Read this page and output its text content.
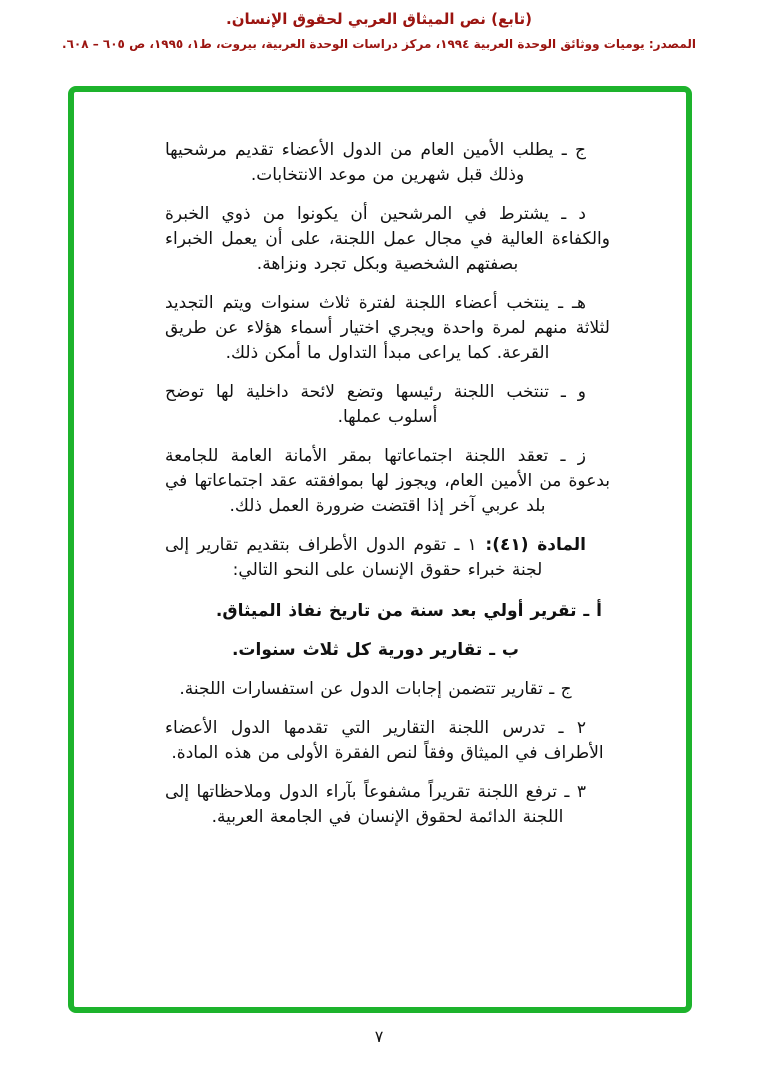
(تابع) نص الميثاق العربي لحقوق الإنسان.
المصدر: يوميات ووثائق الوحدة العربية ١٩٩٤، مركز دراسات الوحدة العربية، بيروت، ط١، ١٩٩٥، ص ٦٠٥ – ٦٠٨.

ج ـ يطلب الأمين العام من الدول الأعضاء تقديم مرشحيها وذلك قبل شهرين من موعد الانتخابات.

د ـ يشترط في المرشحين أن يكونوا من ذوي الخبرة والكفاءة العالية في مجال عمل اللجنة، على أن يعمل الخبراء بصفتهم الشخصية وبكل تجرد ونزاهة.

هـ ـ ينتخب أعضاء اللجنة لفترة ثلاث سنوات ويتم التجديد لثلاثة منهم لمرة واحدة ويجري اختيار أسماء هؤلاء عن طريق القرعة. كما يراعى مبدأ التداول ما أمكن ذلك.

و ـ تنتخب اللجنة رئيسها وتضع لائحة داخلية لها توضح أسلوب عملها.

ز ـ تعقد اللجنة اجتماعاتها بمقر الأمانة العامة للجامعة بدعوة من الأمين العام، ويجوز لها بموافقته عقد اجتماعاتها في بلد عربي آخر إذا اقتضت ضرورة العمل ذلك.

المادة (٤١): ١ ـ تقوم الدول الأطراف بتقديم تقارير إلى لجنة خبراء حقوق الإنسان على النحو التالي:

أ ـ تقرير أولي بعد سنة من تاريخ نفاذ الميثاق.

ب ـ تقارير دورية كل ثلاث سنوات.

ج ـ تقارير تتضمن إجابات الدول عن استفسارات اللجنة.

٢ ـ تدرس اللجنة التقارير التي تقدمها الدول الأعضاء الأطراف في الميثاق وفقاً لنص الفقرة الأولى من هذه المادة.

٣ ـ ترفع اللجنة تقريراً مشفوعاً بآراء الدول وملاحظاتها إلى اللجنة الدائمة لحقوق الإنسان في الجامعة العربية.

٧
